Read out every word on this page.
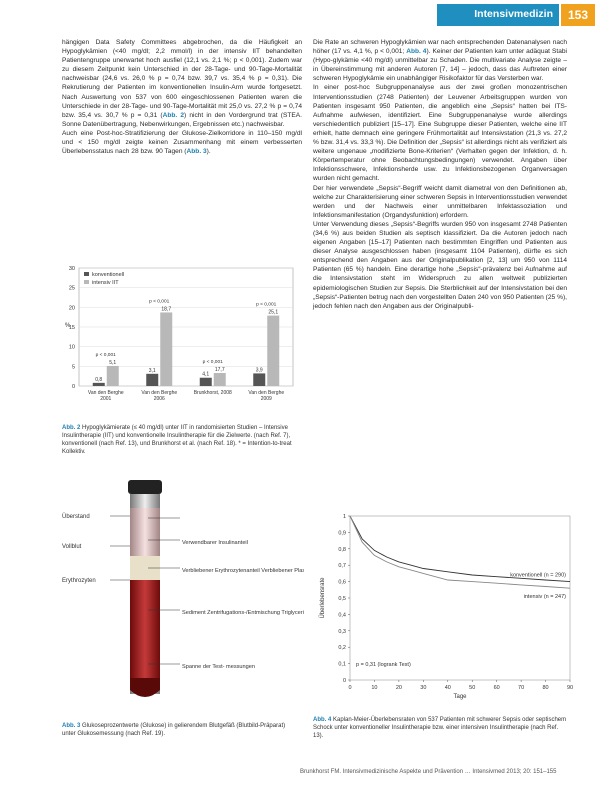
Intensivmedizin	153

hängigen Data Safety Committees abgebrochen, da die Häufigkeit an Hypoglykämien (<40 mg/dl; 2,2 mmol/l) in der intensiv IIT behandelten Patientengruppe unerwartet hoch ausfiel (12,1 vs. 2,1 %; p < 0,001). Zudem war zu diesem Zeitpunkt kein Unterschied in der 28-Tage- und 90-Tage-Mortalität nachweisbar (24,6 vs. 26,0 % p = 0,74 bzw. 39,7 vs. 35,4 % p = 0,31). Die Rekrutierung der Patienten im konventionellen Insulin-Arm wurde fortgesetzt. Nach Auswertung von 537 von 600 eingeschlossenen Patienten waren die Unterschiede in der 28-Tage- und 90-Tage-Mortalität mit 25,0 vs. 27,2 % p = 0,74 bzw. 35,4 vs. 30,7 % p = 0,31 (Abb. 2) nicht in den Vordergrund trat (STEA. Sonne Datenübertragung, Nebenwirkungen, Ergebnissen etc.) nachweisbar.

Auch eine Post-hoc-Stratifizierung der Glukose-Zielkorridore in 110–150 mg/dl und < 150 mg/dl zeigte keinen Zusammenhang mit einem verbesserten Überlebensstatus nach 28 bzw. 90 Tagen (Abb. 3).

0
5
10
15
20
25
30
%
0,8
5,1
p < 0,001
Van den Berghe
2001
3,1
18,7
p < 0,001
Van den Berghe
2006
4,1
17,7
p < 0,001
Brunkhorst, 2008
3,9
25,1
p < 0,001
Van den Berghe
2009
konventionell
intensiv IIT
Abb. 2 Hypoglykämierate (≤ 40 mg/dl) unter IIT in randomisierten Studien – Intensive Insulintherapie (IIT) und konventionelle Insulintherapie für die Zielwerte. (nach Ref. 7), konventionell (nach Ref. 13), und Brunkhorst et al. (nach Ref. 18). * = Intention-to-treat Kollektiv.
Überstand
Vollblut
Erythrozyten
Verwendbarer Insulinanteil
Verbliebener Erythrozytenanteil Verbliebener Pla
Sediment Zentrifugations-/Entmischung Triglycer
Spanne der Test- messungen
Abb. 3 Glukoseprozentwerte (Glukose) in gelierendem Blutgefäß (Blutbild-Präparat) unter Glukosemessung (nach Ref. 19).

Die Rate an schweren Hypoglykämien war nach entsprechenden Datenanalysen nach höher (17 vs. 4,1 %, p < 0,001; Abb. 4). Keiner der Patienten kam unter adäquat Stabi (Hypo-glykämie <40 mg/dl) unmittelbar zu Schaden. Die multivariate Analyse zeigte – in Übereinstimmung mit anderen Autoren [7, 14] – jedoch, dass das Auftreten einer schweren Hypoglykämie ein unabhängiger Risikofaktor für das Versterben war.

In einer post-hoc Subgruppenanalyse aus der zwei großen monozentrischen Interventionsstudien (2748 Patienten) der Leuvener Arbeitsgruppen wurden von Patienten insgesamt 950 Patienten, die angeblich eine „Sepsis“ hatten bei ITS-Aufnahme aufwiesen, identifiziert. Eine Subgruppenanalyse wurde allerdings verschiedentlich publiziert [15–17]. Eine Subgruppe dieser Patienten, welche eine IIT erhielt, hatte demnach eine geringere Frühmortalität auf Intensivstation (21,3 vs. 27,2 % bzw. 31,4 vs. 33,3 %). Die Definition der „Sepsis“ ist allerdings nicht als verifiziert als weitere ungenaue „modifizierte Bone-Kriterien“ (Verhalten gegen der Infektion, d. h. Körpertemperatur ohne Beobachtungsbedingungen) verwendet. Angaben über Infektionsschwere, Infektionsherde usw. zu Infektionsbezogenen Organversagen wurden nicht gemacht.

Der hier verwendete „Sepsis“-Begriff weicht damit diametral von den Definitionen ab, welche zur Charakterisierung einer schweren Sepsis in Interventionsstudien verwendet werden und der Nachweis einer unmittelbaren Infektassoziation und Infektionsmanifestation (Organdysfunktion) erfordern.

Unter Verwendung dieses „Sepsis“-Begriffs wurden 950 von insgesamt 2748 Patienten (34,6 %) aus beiden Studien als septisch klassifiziert. Da die Autoren jedoch nach eigenen Angaben [15–17] Patienten nach bestimmten Eingriffen und Patienten aus dieser Analyse ausgeschlossen haben (insgesamt 1104 Patienten), dürfte es sich entsprechend den Angaben aus der Originalpublikation [2, 13] um 950 von 1114 Patienten (65 %) handeln. Eine derartige hohe „Sepsis“-prävalenz bei Aufnahme auf die Intensivstation steht im Widerspruch zu allen weltweit publizierten epidemiologischen Studien zur Sepsis. Die Sterblichkeit auf der Intensivstation bei den „Sepsis“-Patienten betrug nach den vorgestellten Daten 240 von 950 Patienten (25 %), jedoch fehlen nach den Angaben aus der Originalpubli-

0
0,1
0,2
0,3
0,4
0,5
0,6
0,7
0,8
0,9
1
0	10	20	30	40	50	60	70	80	90
Tage
Überlebensrate
konventionell (n = 290)
intensiv (n = 247)
p = 0,31 (logrank Test)
Abb. 4 Kaplan-Meier-Überlebensraten von 537 Patienten mit schwerer Sepsis oder septischem Schock unter konventioneller Insulintherapie bzw. einer intensiven Insulintherapie (nach Ref. 13).
Brunkhorst FM. Intensivmedizinische Aspekte und Prävention … Intensivmed 2013; 20: 151–155
